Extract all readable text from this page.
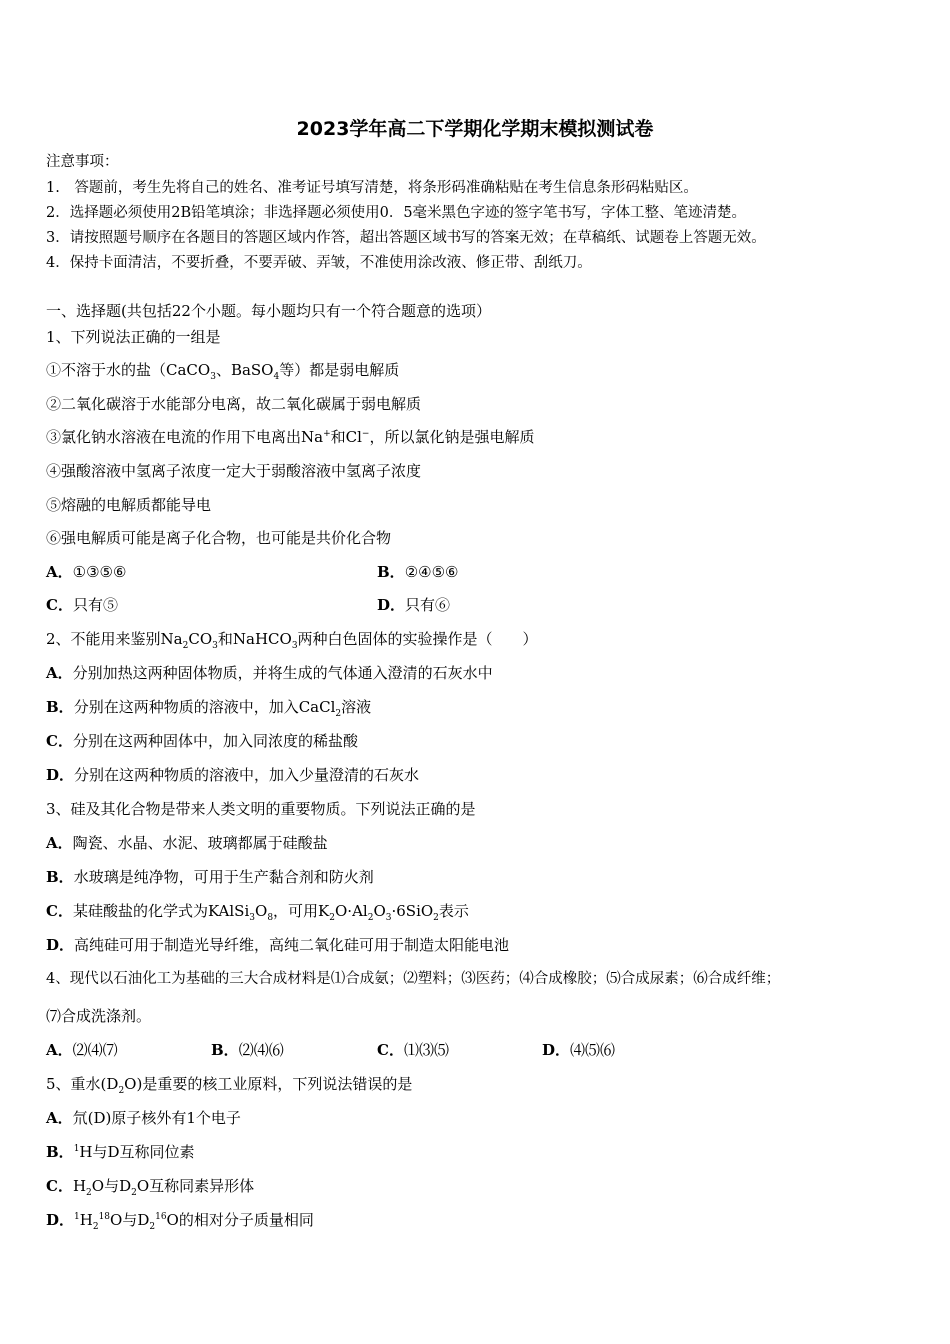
2023学年高二下学期化学期末模拟测试卷
注意事项：
1.　答题前，考生先将自己的姓名、准考证号填写清楚，将条形码准确粘贴在考生信息条形码粘贴区。
2．选择题必须使用2B铅笔填涂；非选择题必须使用0．5毫米黑色字迹的签字笔书写，字体工整、笔迹清楚。
3．请按照题号顺序在各题目的答题区域内作答，超出答题区域书写的答案无效；在草稿纸、试题卷上答题无效。
4．保持卡面清洁，不要折叠，不要弄破、弄皱，不准使用涂改液、修正带、刮纸刀。
一、选择题(共包括22个小题。每小题均只有一个符合题意的选项）
1、下列说法正确的一组是
①不溶于水的盐（CaCO$_3$、BaSO$_4$等）都是弱电解质
②二氧化碳溶于水能部分电离，故二氧化碳属于弱电解质
③氯化钠水溶液在电流的作用下电离出Na+和Cl−，所以氯化钠是强电解质
④强酸溶液中氢离子浓度一定大于弱酸溶液中氢离子浓度
⑤熔融的电解质都能导电
⑥强电解质可能是离子化合物，也可能是共价化合物
A．①③⑤⑥	B．②④⑤⑥
C．只有⑤	D．只有⑥
2、不能用来鉴别$Na_2CO_3$和NaHCO$_3$两种白色固体的实验操作是（　　）
A．分别加热这两种固体物质，并将生成的气体通入澄清的石灰水中
B．分别在这两种物质的溶液中，加入CaCl$_2$溶液
C．分别在这两种固体中，加入同浓度的稀盐酸
D．分别在这两种物质的溶液中，加入少量澄清的石灰水
3、硅及其化合物是带来人类文明的重要物质。下列说法正确的是
A．陶瓷、水晶、水泥、玻璃都属于硅酸盐
B．水玻璃是纯净物，可用于生产黏合剂和防火剂
C．某硅酸盐的化学式为$KAlSi_3O_8$，可用$K_2O\cdot Al_2O_3\cdot 6SiO_2$表示
D．高纯硅可用于制造光导纤维，高纯二氧化硅可用于制造太阳能电池
4、现代以石油化工为基础的三大合成材料是⑴合成氨；⑵塑料；⑶医药；⑷合成橡胶；⑸合成尿素；⑹合成纤维；
⑺合成洗涤剂。
A．⑵⑷⑺	B．⑵⑷⑹	C．⑴⑶⑸	D．⑷⑸⑹
5、重水$(D_2O)$是重要的核工业原料，下列说法错误的是
A．氘(D)原子核外有1个电子
B．$^1$H与D互称同位素
C．$H_2O$与$D_2O$互称同素异形体
D．$^1H_2^{18}O$与$D_2^{16}O$的相对分子质量相同
